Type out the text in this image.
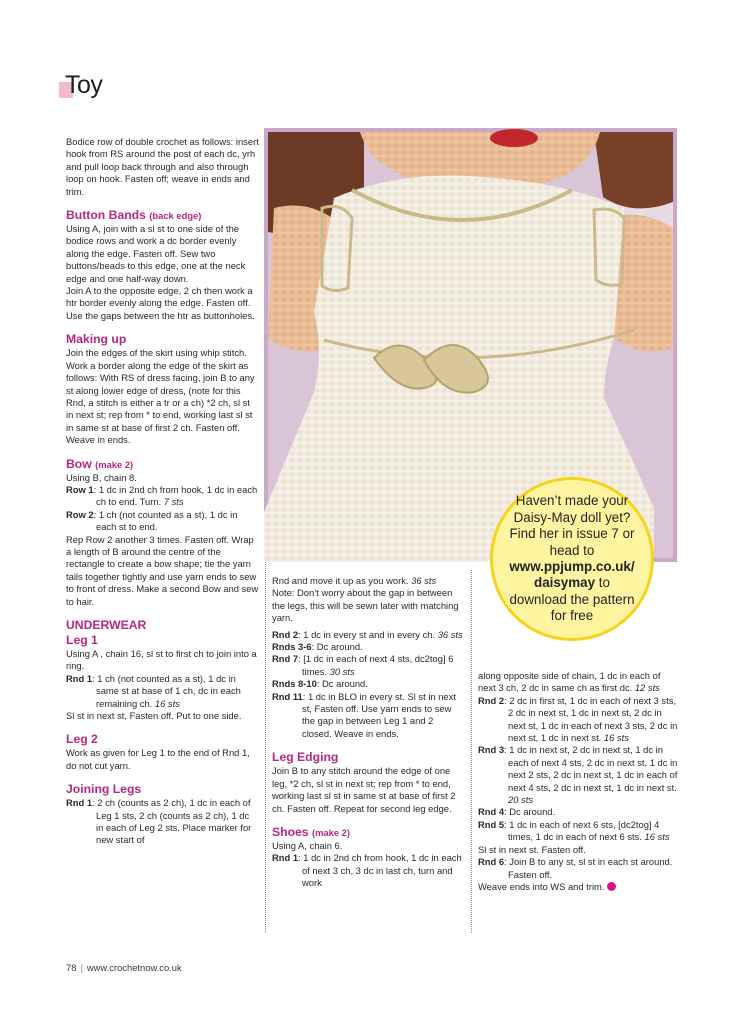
Toy

Bodice row of double crochet as follows: insert hook from RS around the post of each dc, yrh and pull loop back through and also through loop on hook. Fasten off; weave in ends and trim.

Button Bands (back edge)

Using A, join with a sl st to one side of the bodice rows and work a dc border evenly along the edge. Fasten off. Sew two buttons/beads to this edge, one at the neck edge and one half-way down.

Join A to the opposite edge, 2 ch then work a htr border evenly along the edge. Fasten off. Use the gaps between the htr as buttonholes.

Making up

Join the edges of the skirt using whip stitch. Work a border along the edge of the skirt as follows: With RS of dress facing, join B to any st along lower edge of dress, (note for this Rnd, a stitch is either a tr or a ch) *2 ch, sl st in next st; rep from * to end, working last sl st in same st at base of first 2 ch. Fasten off. Weave in ends.

Bow (make 2)

Using B, chain 8.

Row 1: 1 dc in 2nd ch from hook, 1 dc in each ch to end. Turn. 7 sts

Row 2: 1 ch (not counted as a st), 1 dc in each st to end.

Rep Row 2 another 3 times. Fasten off. Wrap a length of B around the centre of the rectangle to create a bow shape; tie the yarn tails together tightly and use yarn ends to sew to front of dress. Make a second Bow and sew to hair.

UNDERWEAR
Leg 1

Using A , chain 16, sl st to first ch to join into a ring.

Rnd 1: 1 ch (not counted as a st), 1 dc in same st at base of 1 ch, dc in each remaining ch. 16 sts

Sl st in next st, Fasten off. Put to one side.

Leg 2

Work as given for Leg 1 to the end of Rnd 1, do not cut yarn.

Joining Legs

Rnd 1: 2 ch (counts as 2 ch), 1 dc in each of Leg 1 sts, 2 ch (counts as 2 ch), 1 dc in each of Leg 2 sts. Place marker for new start of

Haven’t made your Daisy-May doll yet? Find her in issue 7 or head to www.ppjump.co.uk/ daisymay to download the pattern for free

Rnd and move it up as you work. 36 sts

Note: Don’t worry about the gap in between the legs, this will be sewn later with matching yarn.

Rnd 2: 1 dc in every st and in every ch. 36 sts

Rnds 3-6: Dc around.

Rnd 7: [1 dc in each of next 4 sts, dc2tog] 6 times. 30 sts

Rnds 8-10: Dc around.

Rnd 11: 1 dc in BLO in every st. Sl st in next st, Fasten off. Use yarn ends to sew the gap in between Leg 1 and 2 closed. Weave in ends.

Leg Edging

Join B to any stitch around the edge of one leg, *2 ch, sl st in next st; rep from * to end, working last sl st in same st at base of first 2 ch. Fasten off. Repeat for second leg edge.

Shoes (make 2)

Using A, chain 6.

Rnd 1: 1 dc in 2nd ch from hook, 1 dc in each of next 3 ch, 3 dc in last ch, turn and work

along opposite side of chain, 1 dc in each of next 3 ch, 2 dc in same ch as first dc. 12 sts

Rnd 2: 2 dc in first st, 1 dc in each of next 3 sts, 2 dc in next st, 1 dc in next st, 2 dc in next st, 1 dc in each of next 3 sts, 2 dc in next st, 1 dc in next st. 16 sts

Rnd 3: 1 dc in next st, 2 dc in next st, 1 dc in each of next 4 sts, 2 dc in next st, 1 dc in next 2 sts, 2 dc in next st, 1 dc in each of next 4 sts, 2 dc in next st, 1 dc in next st. 20 sts

Rnd 4: Dc around.

Rnd 5: 1 dc in each of next 6 sts, [dc2tog] 4 times, 1 dc in each of next 6 sts. 16 sts

Sl st in next st. Fasten off.

Rnd 6: Join B to any st, sl st in each st around. Fasten off.

Weave ends into WS and trim.

78 | www.crochetnow.co.uk
